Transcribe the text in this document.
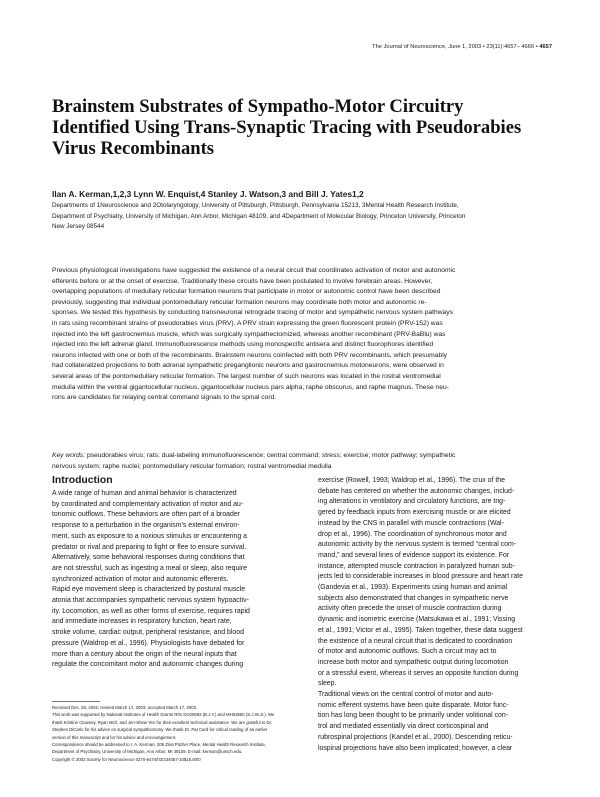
The Journal of Neuroscience, June 1, 2003 • 23(11):4657– 4666 • 4657
Brainstem Substrates of Sympatho-Motor Circuitry
Identified Using Trans-Synaptic Tracing with Pseudorabies
Virus Recombinants
Ilan A. Kerman,1,2,3 Lynn W. Enquist,4 Stanley J. Watson,3 and Bill J. Yates1,2

Departments of 1Neuroscience and 2Otolaryngology, University of Pittsburgh, Pittsburgh, Pennsylvania 15213, 3Mental Health Research Institute,
Department of Psychiatry, University of Michigan, Ann Arbor, Michigan 48109, and 4Department of Molecular Biology, Princeton University, Princeton
New Jersey 08544

Previous physiological investigations have suggested the existence of a neural circuit that coordinates activation of motor and autonomic
efferents before or at the onset of exercise. Traditionally these circuits have been postulated to involve forebrain areas. However,
overlapping populations of medullary reticular formation neurons that participate in motor or autonomic control have been described
previously, suggesting that individual pontomedullary reticular formation neurons may coordinate both motor and autonomic re-
sponses. We tested this hypothesis by conducting transneuronal retrograde tracing of motor and sympathetic nervous system pathways
in rats using recombinant strains of pseudorabies virus (PRV). A PRV strain expressing the green fluorescent protein (PRV-152) was
injected into the left gastrocnemius muscle, which was surgically sympathectomized, whereas another recombinant (PRV-BaBlu) was
injected into the left adrenal gland. Immunofluorescence methods using monospecific antisera and distinct fluorophores identified
neurons infected with one or both of the recombinants. Brainstem neurons coinfected with both PRV recombinants, which presumably
had collateralized projections to both adrenal sympathetic preganglionic neurons and gastrocnemius motoneurons, were observed in
several areas of the pontomedullary reticular formation. The largest number of such neurons was located in the rostral ventromedial
medulla within the ventral gigantocellular nucleus, gigantocellular nucleus pars alpha, raphe obscurus, and raphe magnus. These neu-
rons are candidates for relaying central command signals to the spinal cord.

Key words: pseudorabies virus; rats; dual-labeling immunofluorescence; central command; stress; exercise; motor pathway; sympathetic
nervous system; raphe nuclei; pontomedullary reticular formation; rostral ventromedial medulla

Introduction

A wide range of human and animal behavior is characterized
by coordinated and complementary activation of motor and au-
tonomic outflows. These behaviors are often part of a broader
response to a perturbation in the organism’s external environ-
ment, such as exposure to a noxious stimulus or encountering a
predator or rival and preparing to fight or flee to ensure survival.
Alternatively, some behavioral responses during conditions that
are not stressful, such as ingesting a meal or sleep, also require
synchronized activation of motor and autonomic efferents.
Rapid eye movement sleep is characterized by postural muscle
atonia that accompanies sympathetic nervous system hypoactiv-
ity. Locomotion, as well as other forms of exercise, requires rapid
and immediate increases in respiratory function, heart rate,
stroke volume, cardiac output, peripheral resistance, and blood
pressure (Waldrop et al., 1996). Physiologists have debated for
more than a century about the origin of the neural inputs that
regulate the concomitant motor and autonomic changes during

Received Dec. 26, 2002; revised March 17, 2003; accepted March 17, 2003.
This work was supported by National Institutes of Health Grants R01 DC00693 (B.J.Y.) and MH53550 (S.J.W.Jr.). We
thank Kristine Clowney, Ryan Mrzl, and Jen-Shew Yen for their excellent technical assistance. We are grateful to Dr.
Stephen DiCarlo for his advice on surgical sympathectomy. We thank Dr. Pat Card for critical reading of an earlier
version of this manuscript and for his advice and encouragement.
Correspondence should be addressed to I. A. Kerman, 205 Zina Pitcher Place, Mental Health Research Institute,
Department of Psychiatry, University of Michigan, Ann Arbor, MI 48109. E-mail: kerman@umich.edu.
Copyright © 2003 Society for Neuroscience 0270-6474/03/234657-10$15.00/0

exercise (Rowell, 1993; Waldrop et al., 1996). The crux of the
debate has centered on whether the autonomic changes, includ-
ing alterations in ventilatory and circulatory functions, are trig-
gered by feedback inputs from exercising muscle or are elicited
instead by the CNS in parallel with muscle contractions (Wal-
drop et al., 1996). The coordination of synchronous motor and
autonomic activity by the nervous system is termed “central com-
mand,” and several lines of evidence support its existence. For
instance, attempted muscle contraction in paralyzed human sub-
jects led to considerable increases in blood pressure and heart rate
(Gandevia et al., 1993). Experiments using human and animal
subjects also demonstrated that changes in sympathetic nerve
activity often precede the onset of muscle contraction during
dynamic and isometric exercise (Matsukawa et al., 1991; Vissing
et al., 1991; Victor et al., 1995). Taken together, these data suggest
the existence of a neural circuit that is dedicated to coordination
of motor and autonomic outflows. Such a circuit may act to
increase both motor and sympathetic output during locomotion
or a stressful event, whereas it serves an opposite function during
sleep.
Traditional views on the central control of motor and auto-
nomic efferent systems have been quite disparate. Motor func-
tion has long been thought to be primarily under volitional con-
trol and mediated essentially via direct corticospinal and
rubrospinal projections (Kandel et al., 2000). Descending reticu-
lospinal projections have also been implicated; however, a clear
